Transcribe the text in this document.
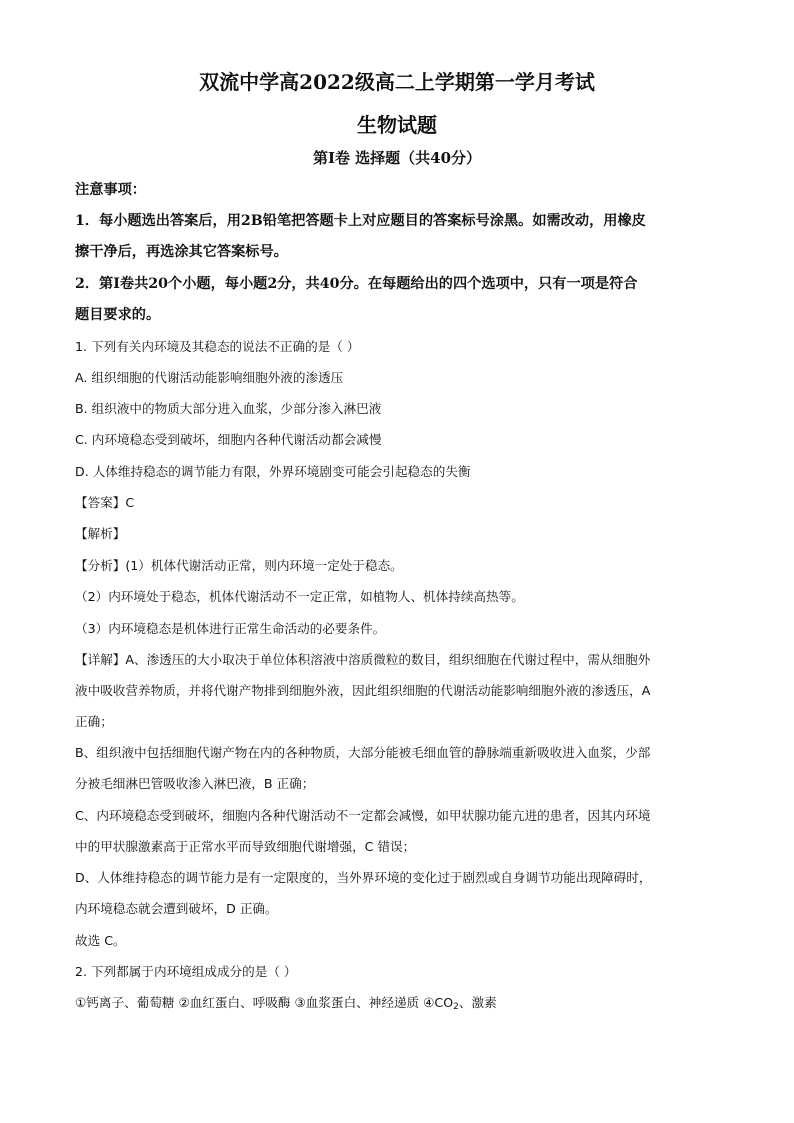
双流中学高2022级高二上学期第一学月考试
生物试题
第Ⅰ卷 选择题（共40分）
注意事项：
1．每小题选出答案后，用2B铅笔把答题卡上对应题目的答案标号涂黑。如需改动，用橡皮
擦干净后，再选涂其它答案标号。
2．第Ⅰ卷共20个小题，每小题2分，共40分。在每题给出的四个选项中，只有一项是符合
题目要求的。
1. 下列有关内环境及其稳态的说法不正确的是（ ）
A. 组织细胞的代谢活动能影响细胞外液的渗透压
B. 组织液中的物质大部分进入血浆，少部分渗入淋巴液
C. 内环境稳态受到破坏，细胞内各种代谢活动都会减慢
D. 人体维持稳态的调节能力有限，外界环境剧变可能会引起稳态的失衡
【答案】C
【解析】
【分析】(1）机体代谢活动正常，则内环境一定处于稳态。
（2）内环境处于稳态，机体代谢活动不一定正常，如植物人、机体持续高热等。
（3）内环境稳态是机体进行正常生命活动的必要条件。
【详解】A、渗透压的大小取决于单位体积溶液中溶质微粒的数目，组织细胞在代谢过程中，需从细胞外
液中吸收营养物质，并将代谢产物排到细胞外液，因此组织细胞的代谢活动能影响细胞外液的渗透压，A
正确；
B、组织液中包括细胞代谢产物在内的各种物质，大部分能被毛细血管的静脉端重新吸收进入血浆，少部
分被毛细淋巴管吸收渗入淋巴液，B 正确；
C、内环境稳态受到破坏，细胞内各种代谢活动不一定都会减慢，如甲状腺功能亢进的患者，因其内环境
中的甲状腺激素高于正常水平而导致细胞代谢增强，C 错误；
D、人体维持稳态的调节能力是有一定限度的，当外界环境的变化过于剧烈或自身调节功能出现障碍时，
内环境稳态就会遭到破坏，D 正确。
故选 C。
2. 下列都属于内环境组成成分的是（ ）
①钙离子、葡萄糖 ②血红蛋白、呼吸酶 ③血浆蛋白、神经递质 $④CO_2$、激素
